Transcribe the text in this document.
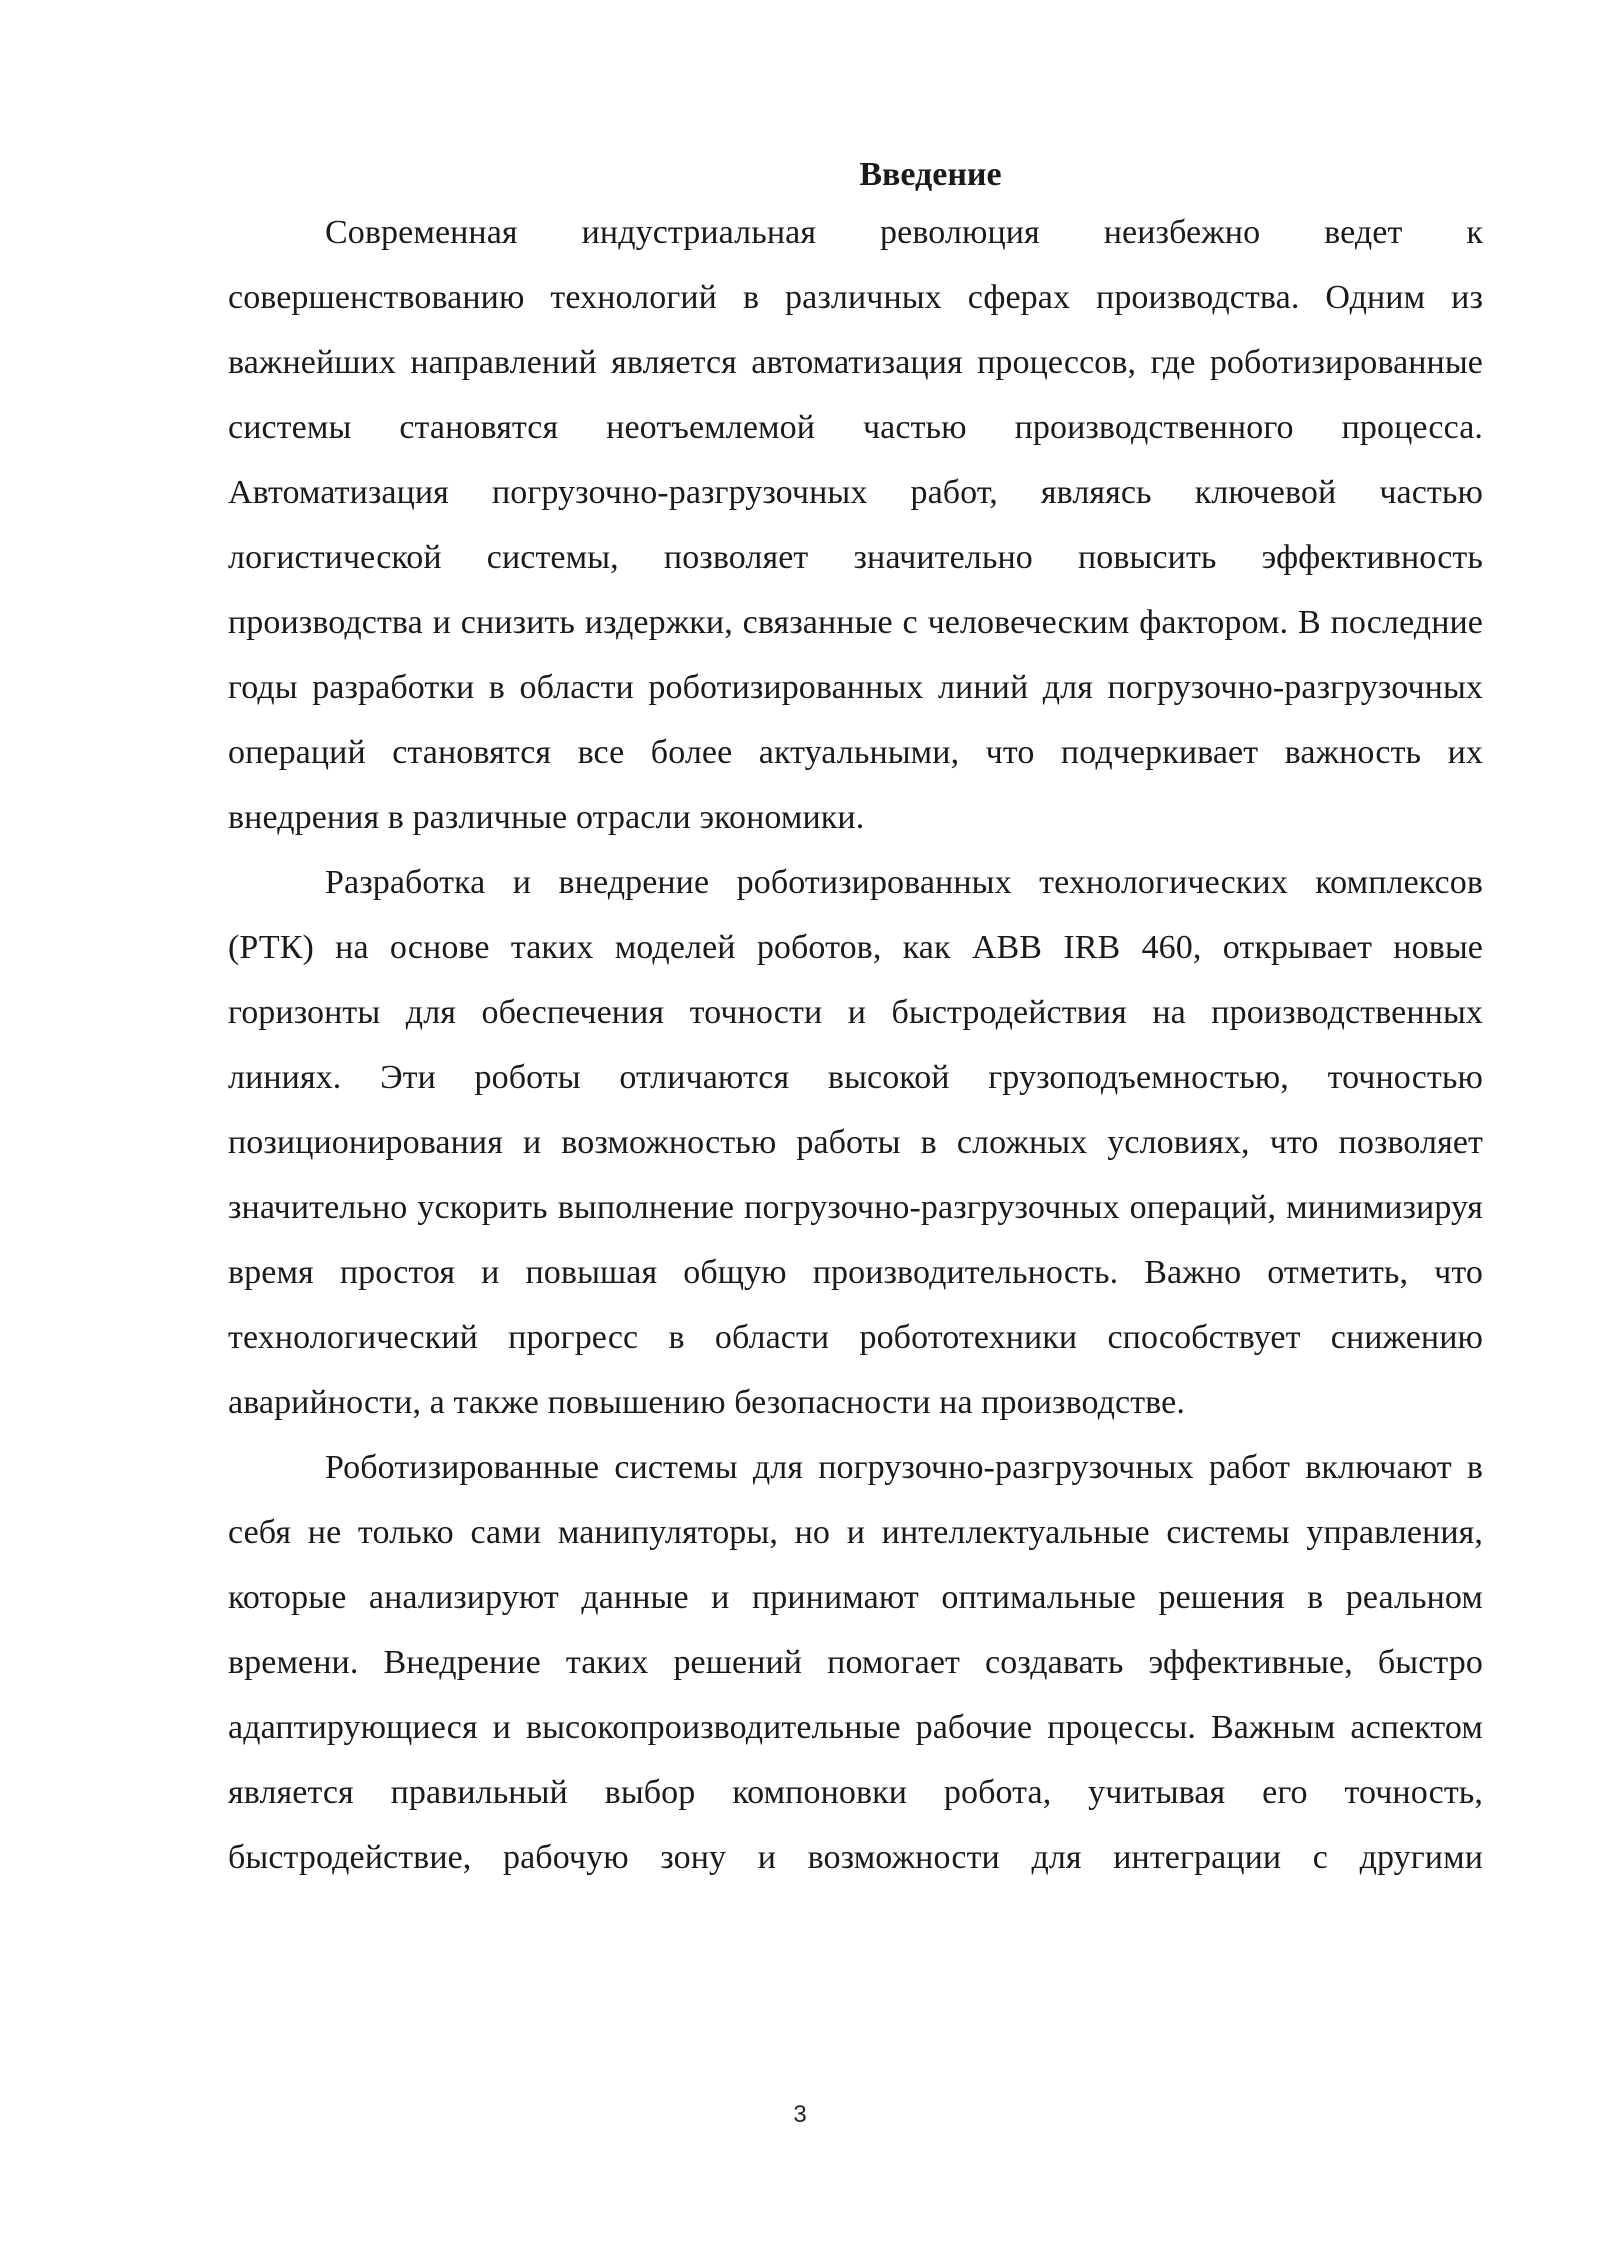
Введение

Современная индустриальная революция неизбежно ведет к совершенствованию технологий в различных сферах производства. Одним из важнейших направлений является автоматизация процессов, где роботизированные системы становятся неотъемлемой частью производственного процесса. Автоматизация погрузочно-разгрузочных работ, являясь ключевой частью логистической системы, позволяет значительно повысить эффективность производства и снизить издержки, связанные с человеческим фактором. В последние годы разработки в области роботизированных линий для погрузочно-разгрузочных операций становятся все более актуальными, что подчеркивает важность их внедрения в различные отрасли экономики.

Разработка и внедрение роботизированных технологических комплексов (РТК) на основе таких моделей роботов, как ABB IRB 460, открывает новые горизонты для обеспечения точности и быстродействия на производственных линиях. Эти роботы отличаются высокой грузоподъемностью, точностью позиционирования и возможностью работы в сложных условиях, что позволяет значительно ускорить выполнение погрузочно-разгрузочных операций, минимизируя время простоя и повышая общую производительность. Важно отметить, что технологический прогресс в области робототехники способствует снижению аварийности, а также повышению безопасности на производстве.

Роботизированные системы для погрузочно-разгрузочных работ включают в себя не только сами манипуляторы, но и интеллектуальные системы управления, которые анализируют данные и принимают оптимальные решения в реальном времени. Внедрение таких решений помогает создавать эффективные, быстро адаптирующиеся и высокопроизводительные рабочие процессы. Важным аспектом является правильный выбор компоновки робота, учитывая его точность, быстродействие, рабочую зону и возможности для интеграции с другими

3
